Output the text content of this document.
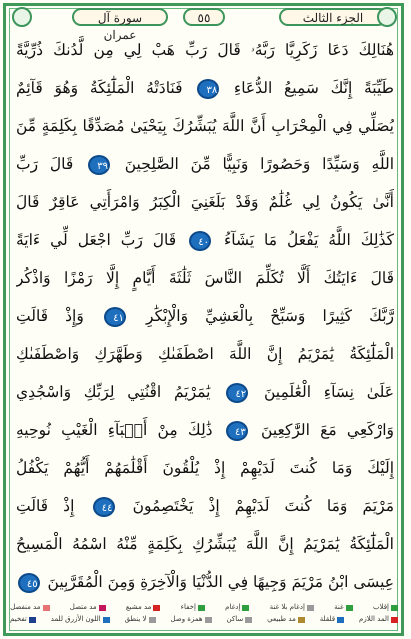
سورة آل عمران
٥٥	الجزء الثالث
هُنَالِكَ دَعَا زَكَرِيَّا رَبَّهُۥ قَالَ رَبِّ هَبْ لِي مِن لَّدُنكَ ذُرِّيَّةً
طَيِّبَةً إِنَّكَ سَمِيعُ الدُّعَاءِ ٣٨ فَنَادَتْهُ الْمَلَٰٓئِكَةُ وَهُوَ قَآئِمٌ
يُصَلِّي فِي الْمِحْرَابِ أَنَّ اللَّهَ يُبَشِّرُكَ بِيَحْيَىٰ مُصَدِّقًا بِكَلِمَةٍ مِّنَ
اللَّهِ وَسَيِّدًا وَحَصُورًا وَنَبِيًّا مِّنَ الصَّٰلِحِينَ ٣٩ قَالَ رَبِّ
أَنَّىٰ يَكُونُ لِي غُلَٰمٌ وَقَدْ بَلَغَنِيَ الْكِبَرُ وَامْرَأَتِي عَاقِرٌ قَالَ
كَذَٰلِكَ اللَّهُ يَفْعَلُ مَا يَشَآءُ ٤٠ قَالَ رَبِّ اجْعَل لِّي ءَايَةً
قَالَ ءَايَتُكَ أَلَّا تُكَلِّمَ النَّاسَ ثَلَٰثَةَ أَيَّامٍ إِلَّا رَمْزًا وَاذْكُر
رَّبَّكَ كَثِيرًا وَسَبِّحْ بِالْعَشِيِّ وَالْإِبْكَٰرِ ٤١ وَإِذْ قَالَتِ
الْمَلَٰٓئِكَةُ يَٰمَرْيَمُ إِنَّ اللَّهَ اصْطَفَىٰكِ وَطَهَّرَكِ وَاصْطَفَىٰكِ
عَلَىٰ نِسَآءِ الْعَٰلَمِينَ ٤٢ يَٰمَرْيَمُ اقْنُتِي لِرَبِّكِ وَاسْجُدِي
وَارْكَعِي مَعَ الرَّٰكِعِينَ ٤٣ ذَٰلِكَ مِنْ أَنۢبَآءِ الْغَيْبِ نُوحِيهِ
إِلَيْكَ وَمَا كُنتَ لَدَيْهِمْ إِذْ يُلْقُونَ أَقْلَٰمَهُمْ أَيُّهُمْ يَكْفُلُ
مَرْيَمَ وَمَا كُنتَ لَدَيْهِمْ إِذْ يَخْتَصِمُونَ ٤٤ إِذْ قَالَتِ
الْمَلَٰٓئِكَةُ يَٰمَرْيَمُ إِنَّ اللَّهَ يُبَشِّرُكِ بِكَلِمَةٍ مِّنْهُ اسْمُهُ الْمَسِيحُ
عِيسَى ابْنُ مَرْيَمَ وَجِيهًا فِي الدُّنْيَا وَالْآخِرَةِ وَمِنَ الْمُقَرَّبِينَ ٤٥
إقلاب
غنة
إدغام بلا غنة
إدغام
إخفاء
مد مشبع
مد متصل
مد منفصل
المد اللازم
قلقلة
مد طبيعي
ساكن
همزة وصل
لا ينطق
اللون الأزرق للمد
تفخيم
